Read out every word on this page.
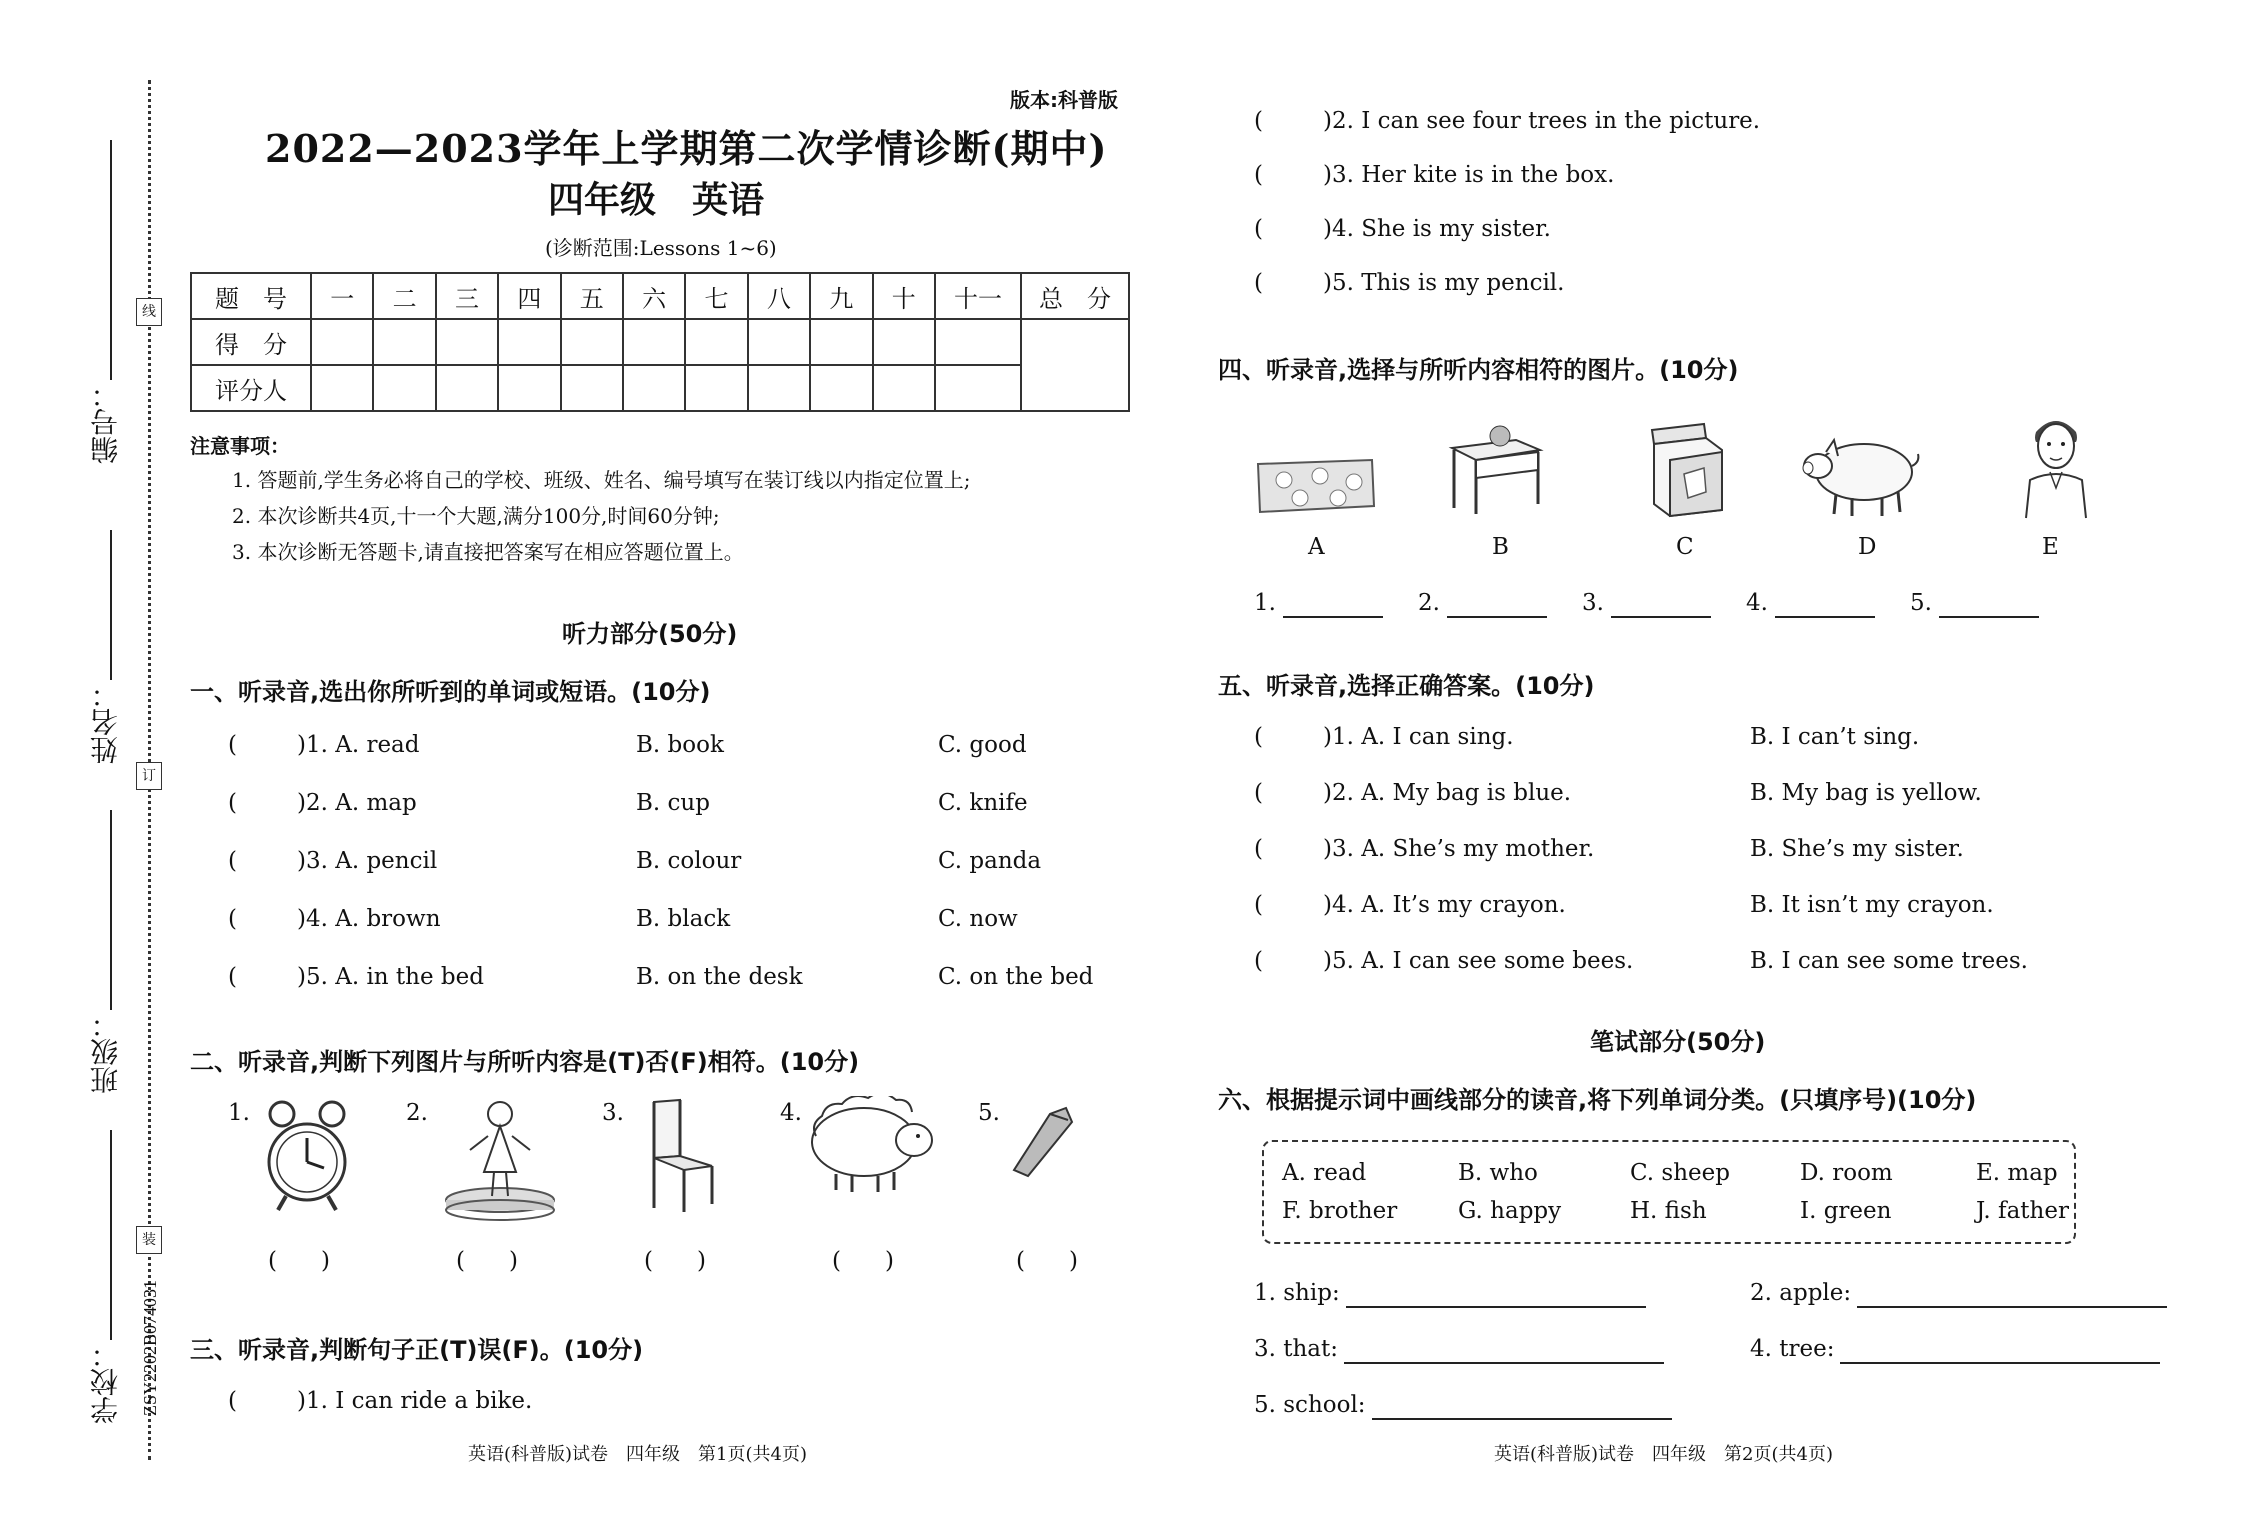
线
订
装
编号：
姓名：
班级：
学校： ZSY2202B074031
版本:科普版
2022—2023学年上学期第二次学情诊断(期中)
四年级　英语
(诊断范围:Lessons 1~6)
题　号	一	二	三	四	五	六	七	八	九	十	十一	总　分
得　分												
评分人												
注意事项：
1. 答题前,学生务必将自己的学校、班级、姓名、编号填写在装订线以内指定位置上;
2. 本次诊断共4页,十一个大题,满分100分,时间60分钟;
3. 本次诊断无答题卡,请直接把答案写在相应答题位置上。
听力部分(50分)
一、听录音,选出你所听到的单词或短语。(10分)
(	)1. A. read	B. book	C. good
(	)2. A. map	B. cup	C. knife
(	)3. A. pencil	B. colour	C. panda
(	)4. A. brown	B. black	C. now
(	)5. A. in the bed	B. on the desk	C. on the bed
二、听录音,判断下列图片与所听内容是(T)否(F)相符。(10分)
1.
( )
2.
( )
3.
( )
4.
( )
5.
( )
三、听录音,判断句子正(T)误(F)。(10分)
(	)1. I can ride a bike.
英语(科普版)试卷　四年级　第1页(共4页)
(	)2. I can see four trees in the picture.
(	)3. Her kite is in the box.
(	)4. She is my sister.
(	)5. This is my pencil.
四、听录音,选择与所听内容相符的图片。(10分)
A	B	C	D	E
1.	2.	3.	4.	5.
五、听录音,选择正确答案。(10分)
(	)1. A. I can sing.	B. I can’t sing.
(	)2. A. My bag is blue.	B. My bag is yellow.
(	)3. A. She’s my mother.	B. She’s my sister.
(	)4. A. It’s my crayon.	B. It isn’t my crayon.
(	)5. A. I can see some bees.	B. I can see some trees.
笔试部分(50分)
六、根据提示词中画线部分的读音,将下列单词分类。(只填序号)(10分)
A. read	B. who	C. sheep	D. room	E. map
F. brother	G. happy	H. fish	I. green	J. father
1. ship:	2. apple:
3. that:	4. tree:
5. school:
英语(科普版)试卷　四年级　第2页(共4页)
